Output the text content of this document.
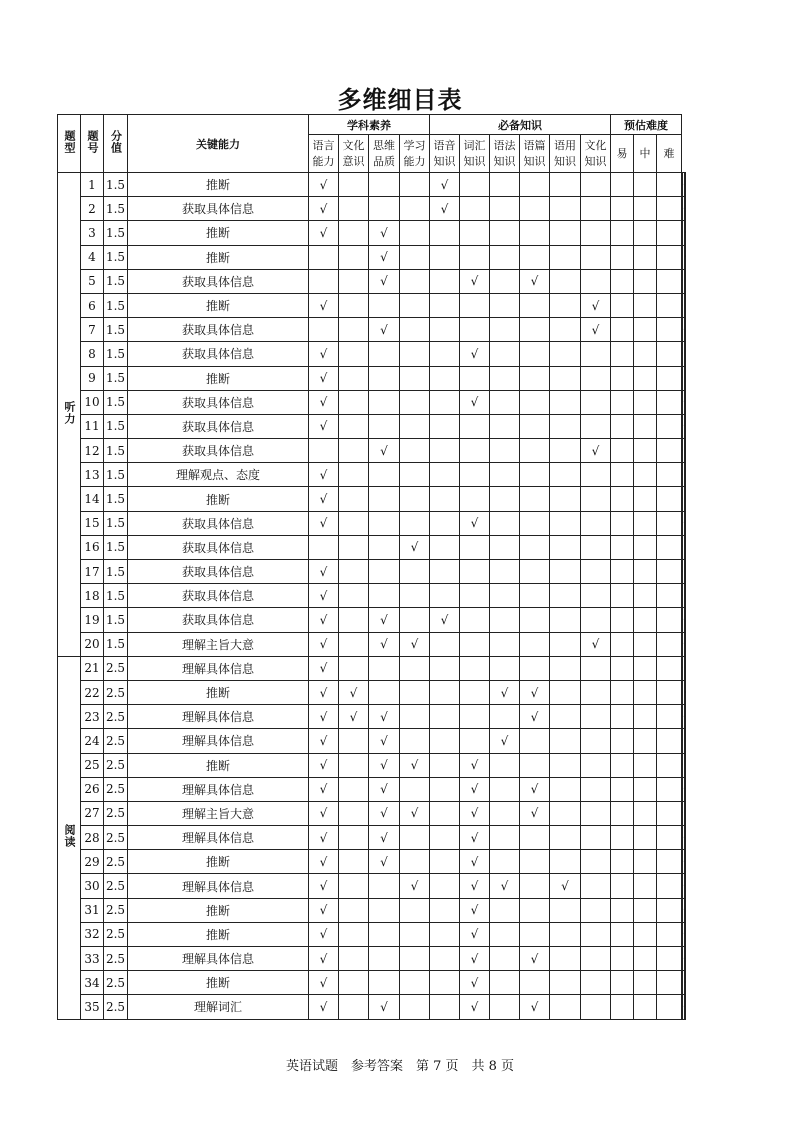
多维细目表
题型	题号	分值	关键能力	学科素养				必备知识						预估难度				
				语言能力	文化意识	思维品质	学习能力	语音知识	词汇知识	语法知识	语篇知识	语用知识	文化知识	易	中	难		
听力	1	1.5	推断	√				√											
	2	1.5	获取具体信息	√				√											
	3	1.5	推断	√		√													
	4	1.5	推断			√													
	5	1.5	获取具体信息			√			√		√								
	6	1.5	推断	√									√						
	7	1.5	获取具体信息			√							√						
	8	1.5	获取具体信息	√					√										
	9	1.5	推断	√															
	10	1.5	获取具体信息	√					√										
	11	1.5	获取具体信息	√															
	12	1.5	获取具体信息			√							√						
	13	1.5	理解观点、态度	√															
	14	1.5	推断	√															
	15	1.5	获取具体信息	√					√										
	16	1.5	获取具体信息				√												
	17	1.5	获取具体信息	√															
	18	1.5	获取具体信息	√															
	19	1.5	获取具体信息	√		√		√											
	20	1.5	理解主旨大意	√		√	√						√						
阅读	21	2.5	理解具体信息	√															
	22	2.5	推断	√	√					√	√								
	23	2.5	理解具体信息	√	√	√					√								
	24	2.5	理解具体信息	√		√				√									
	25	2.5	推断	√		√	√		√										
	26	2.5	理解具体信息	√		√			√		√								
	27	2.5	理解主旨大意	√		√	√		√		√								
	28	2.5	理解具体信息	√		√			√										
	29	2.5	推断	√		√			√										
	30	2.5	理解具体信息	√			√		√	√		√							
	31	2.5	推断	√					√										
	32	2.5	推断	√					√										
	33	2.5	理解具体信息	√					√		√								
	34	2.5	推断	√					√										
	35	2.5	理解词汇	√		√			√		√								
英语试题　参考答案　第 7 页　共 8 页
